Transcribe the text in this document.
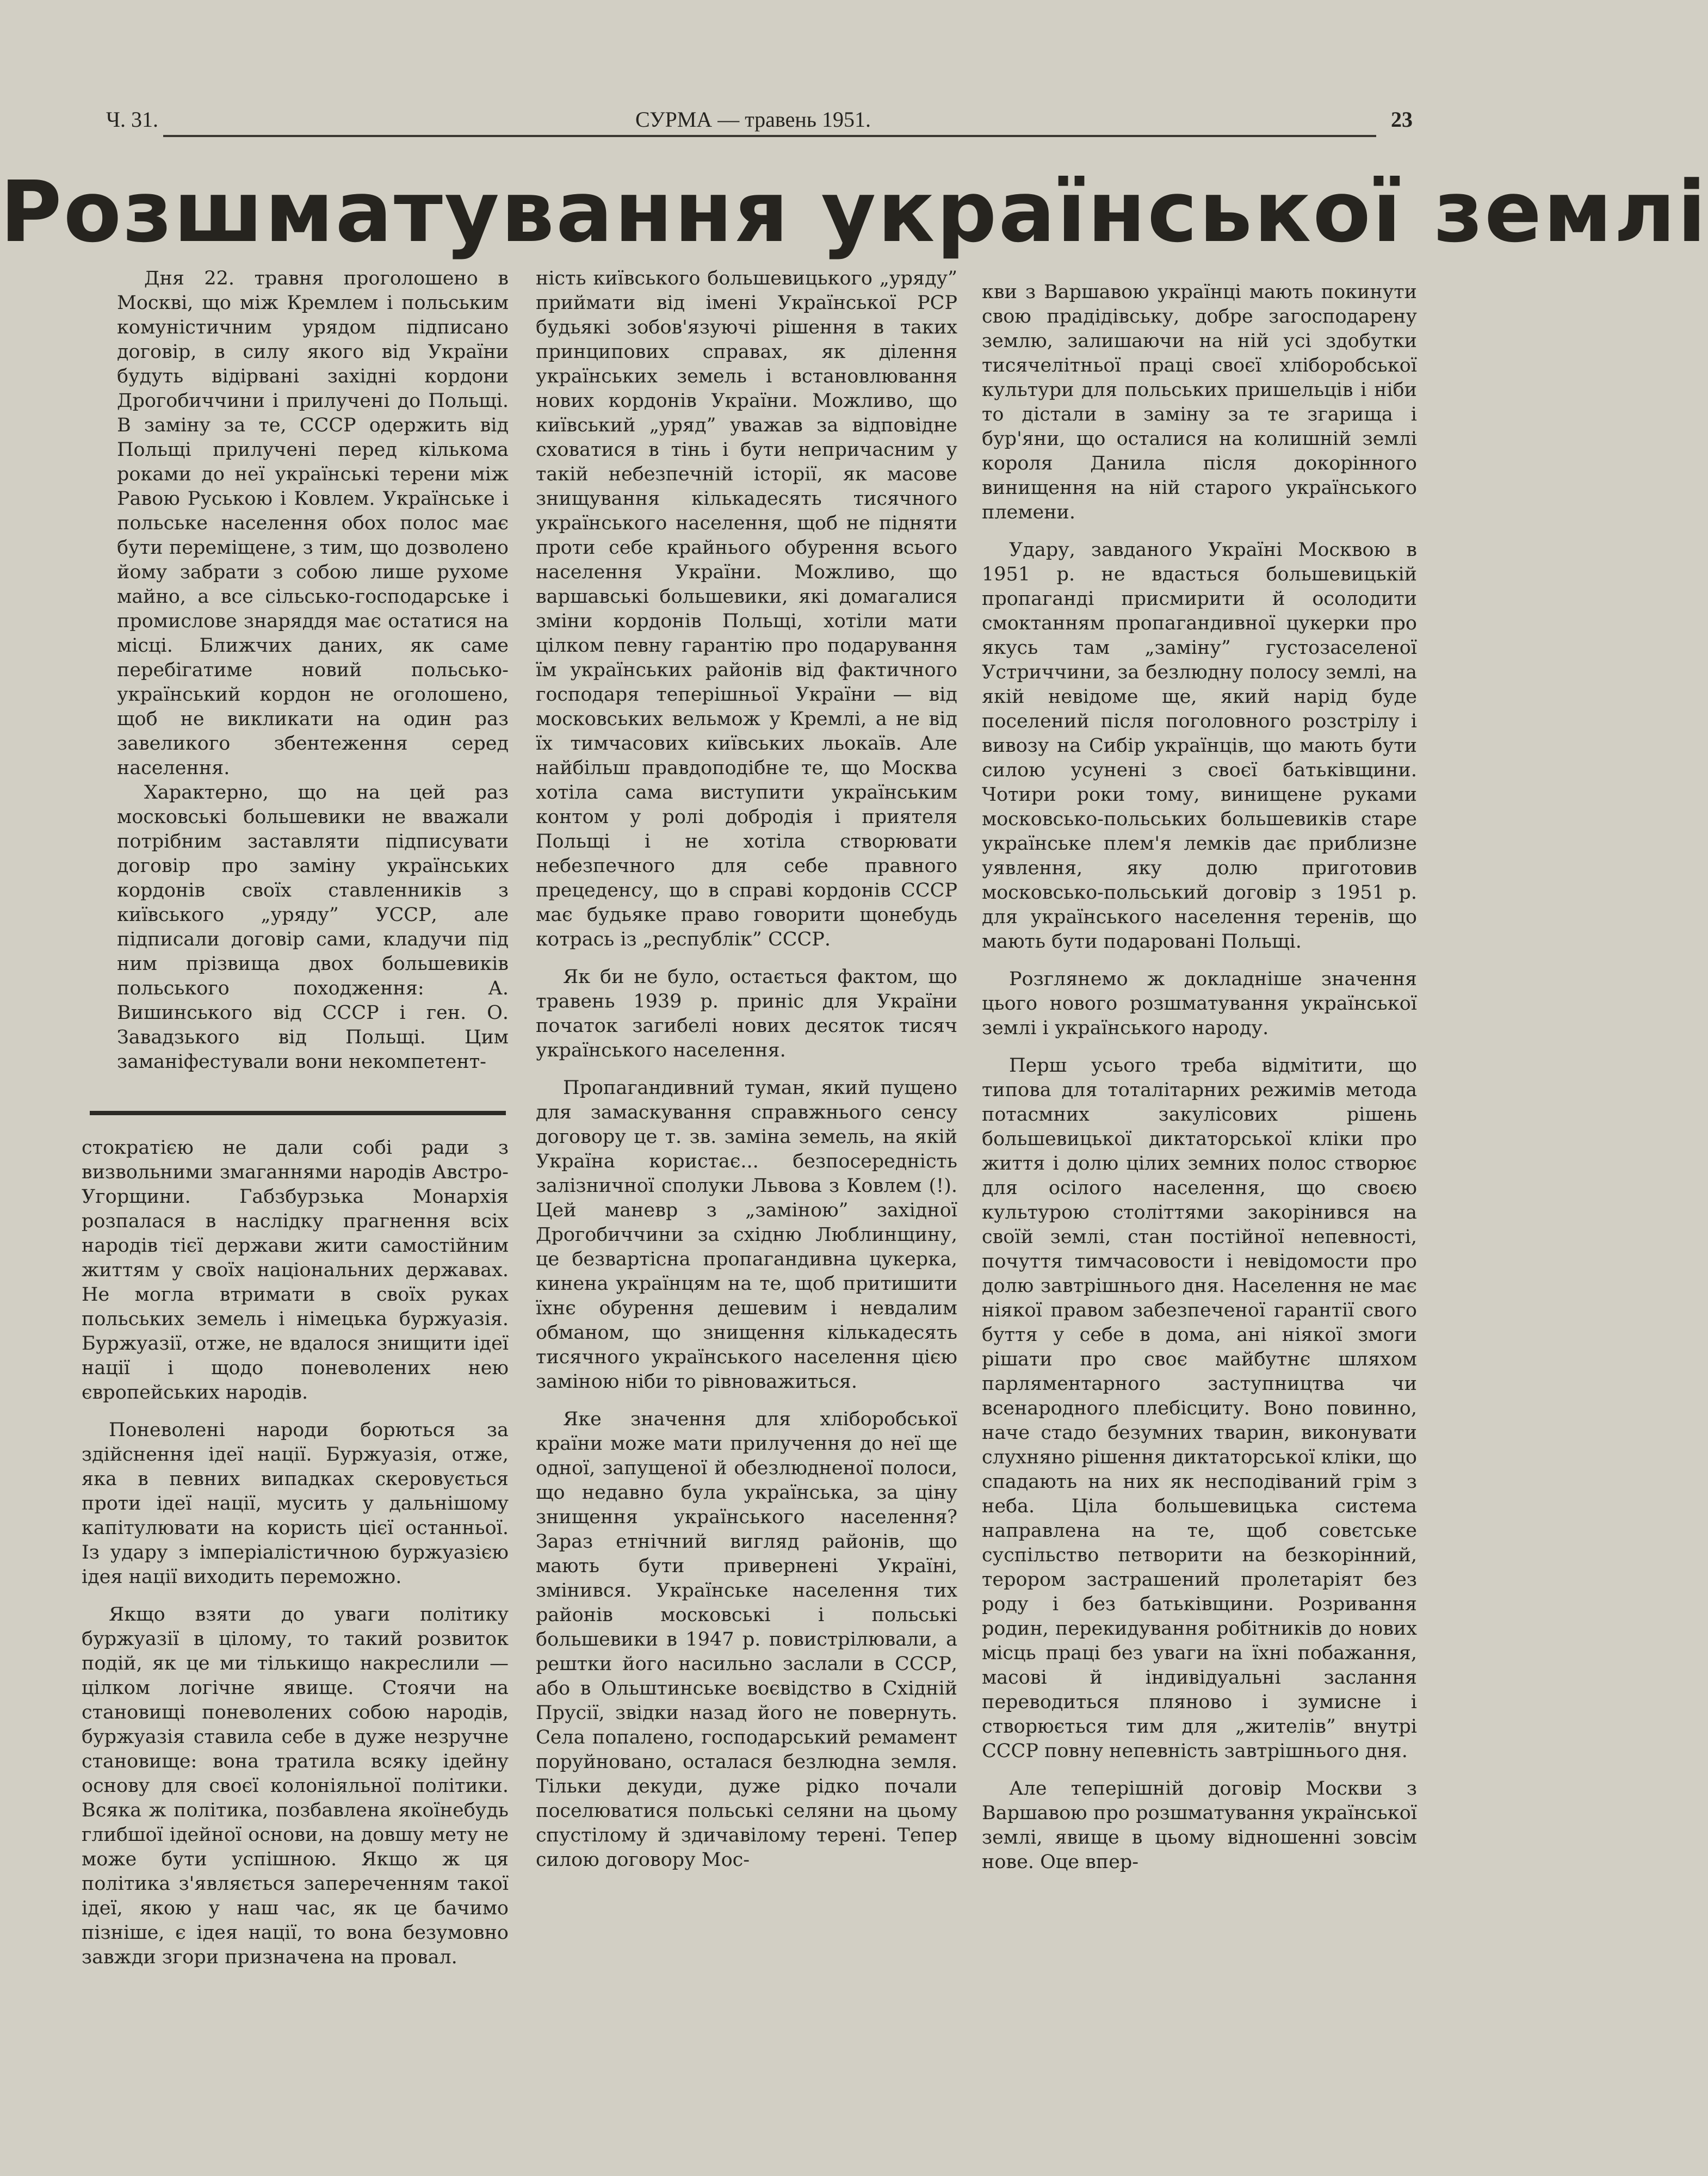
Ч. 31.	СУРМА — травень 1951.	23
Розшматування української землі

Дня 22. травня проголошено в Москві, що між Кремлем і польським комуністичним урядом підписано договір, в силу якого від України будуть відірвані західні кордони Дрогобиччини і прилучені до Польщі. В заміну за те, СССР одержить від Польщі прилучені перед кількома роками до неї українські терени між Равою Руською і Ковлем. Українське і польське населення обох полос має бути переміщене, з тим, що дозволено йому забрати з собою лише рухоме майно, а все сільсько-господарське і промислове знаряддя має остатися на місці. Ближчих даних, як саме перебігатиме новий польсько-український кордон не оголошено, щоб не викликати на один раз завеликого збентеження серед населення.

Характерно, що на цей раз московські большевики не вважали потрібним заставляти підписувати договір про заміну українських кордонів своїх ставленників з київського „уряду” УССР, але підписали договір сами, кладучи під ним прізвища двох большевиків польського походження: А. Вишинського від СССР і ген. О. Завадзького від Польщі. Цим заманіфестували вони некомпетент-

стократією не дали собі ради з визвольними змаганнями народів Австро-Угорщини. Габзбурзька Монархія розпалася в наслідку прагнення всіх народів тієї держави жити самостійним життям у своїх національних державах. Не могла втримати в своїх руках польських земель і німецька буржуазія. Буржуазії, отже, не вдалося знищити ідеї нації і щодо поневолених нею європейських народів.

Поневолені народи борються за здійснення ідеї нації. Буржуазія, отже, яка в певних випадках скеровується проти ідеї нації, мусить у дальнішому капітулювати на користь цієї останньої. Із удару з імперіалістичною буржуазією ідея нації виходить переможно.

Якщо взяти до уваги політику буржуазії в цілому, то такий розвиток подій, як це ми тількищо накреслили — цілком логічне явище. Стоячи на становищі поневолених собою народів, буржуазія ставила себе в дуже незручне становище: вона тратила всяку ідейну основу для своєї колоніяльної політики. Всяка ж політика, позбавлена якоїнебудь глибшої ідейної основи, на довшу мету не може бути успішною. Якщо ж ця політика з'являється запереченням такої ідеї, якою у наш час, як це бачимо пізніше, є ідея нації, то вона безумовно завжди згори призначена на провал.

ність київського большевицького „уряду” приймати від імені Української РСР будьякі зобов'язуючі рішення в таких принципових справах, як ділення українських земель і встановлювання нових кордонів України. Можливо, що київський „уряд” уважав за відповідне сховатися в тінь і бути непричасним у такій небезпечній історії, як масове знищування кількадесять тисячного українського населення, щоб не підняти проти себе крайнього обурення всього населення України. Можливо, що варшавські большевики, які домагалися зміни кордонів Польщі, хотіли мати цілком певну гарантію про подарування їм українських районів від фактичного господаря теперішньої України — від московських вельмож у Кремлі, а не від їх тимчасових київських льокаїв. Але найбільш правдоподібне те, що Москва хотіла сама виступити українським контом у ролі добродія і приятеля Польщі і не хотіла створювати небезпечного для себе правного прецеденсу, що в справі кордонів СССР має будьяке право говорити щонебудь котрась із „республік” СССР.

Як би не було, остається фактом, що травень 1939 р. приніс для України початок загибелі нових десяток тисяч українського населення.

Пропагандивний туман, який пущено для замаскування справжнього сенсу договору це т. зв. заміна земель, на якій Україна користає... безпосередність залізничної сполуки Львова з Ковлем (!). Цей маневр з „заміною” західної Дрогобиччини за східню Люблинщину, це безвартісна пропагандивна цукерка, кинена українцям на те, щоб притишити їхнє обурення дешевим і невдалим обманом, що знищення кількадесять тисячного українського населення цією заміною ніби то рівноважиться.

Яке значення для хліборобської країни може мати прилучення до неї ще одної, запущеної й обезлюдненої полоси, що недавно була українська, за ціну знищення українського населення? Зараз етнічний вигляд районів, що мають бути привернені Україні, змінився. Українське населення тих районів московські і польські большевики в 1947 р. повистрілювали, а рештки його насильно заслали в СССР, або в Ольштинське воєвідство в Східній Прусії, звідки назад його не повернуть. Села попалено, господарський ремамент поруйновано, осталася безлюдна земля. Тільки декуди, дуже рідко почали поселюватися польські селяни на цьому спустілому й здичавілому терені. Тепер силою договору Мос-

кви з Варшавою українці мають покинути свою прадідівську, добре загосподарену землю, залишаючи на ній усі здобутки тисячелітньої праці своєї хліборобської культури для польських пришельців і ніби то дістали в заміну за те згарища і бур'яни, що осталися на колишній землі короля Данила після докорінного винищення на ній старого українського племени.

Удару, завданого Україні Москвою в 1951 р. не вдасться большевицькій пропаганді присмирити й осолодити смоктанням пропагандивної цукерки про якусь там „заміну” густозаселеної Устриччини, за безлюдну полосу землі, на якій невідоме ще, який нарід буде поселений після поголовного розстрілу і вивозу на Сибір українців, що мають бути силою усунені з своєї батьківщини. Чотири роки тому, винищене руками московсько-польських большевиків старе українське плем'я лемків дає приблизне уявлення, яку долю приготовив московсько-польський договір з 1951 р. для українського населення теренів, що мають бути подаровані Польщі.

Розглянемо ж докладніше значення цього нового розшматування української землі і українського народу.

Перш усього треба відмітити, що типова для тоталітарних режимів метода потасмних закулісових рішень большевицької диктаторської кліки про життя і долю цілих земних полос створює для осілого населення, що своєю культурою століттями закорінився на своїй землі, стан постійної непевності, почуття тимчасовости і невідомости про долю завтрішнього дня. Населення не має ніякої правом забезпеченої гарантії свого буття у себе в дома, ані ніякої змоги рішати про своє майбутнє шляхом парляментарного заступництва чи всенародного плебісциту. Воно повинно, наче стадо безумних тварин, виконувати слухняно рішення диктаторської кліки, що спадають на них як несподіваний грім з неба. Ціла большевицька система направлена на те, щоб совєтське суспільство петворити на безкорінний, терором застрашений пролетаріят без роду і без батьківщини. Розривання родин, перекидування робітників до нових місць праці без уваги на їхні побажання, масові й індивідуальні заслання переводиться пляново і зумисне і створюється тим для „жителів” внутрі СССР повну непевність завтрішнього дня.

Але теперішній договір Москви з Варшавою про розшматування української землі, явище в цьому відношенні зовсім нове. Оце впер-
